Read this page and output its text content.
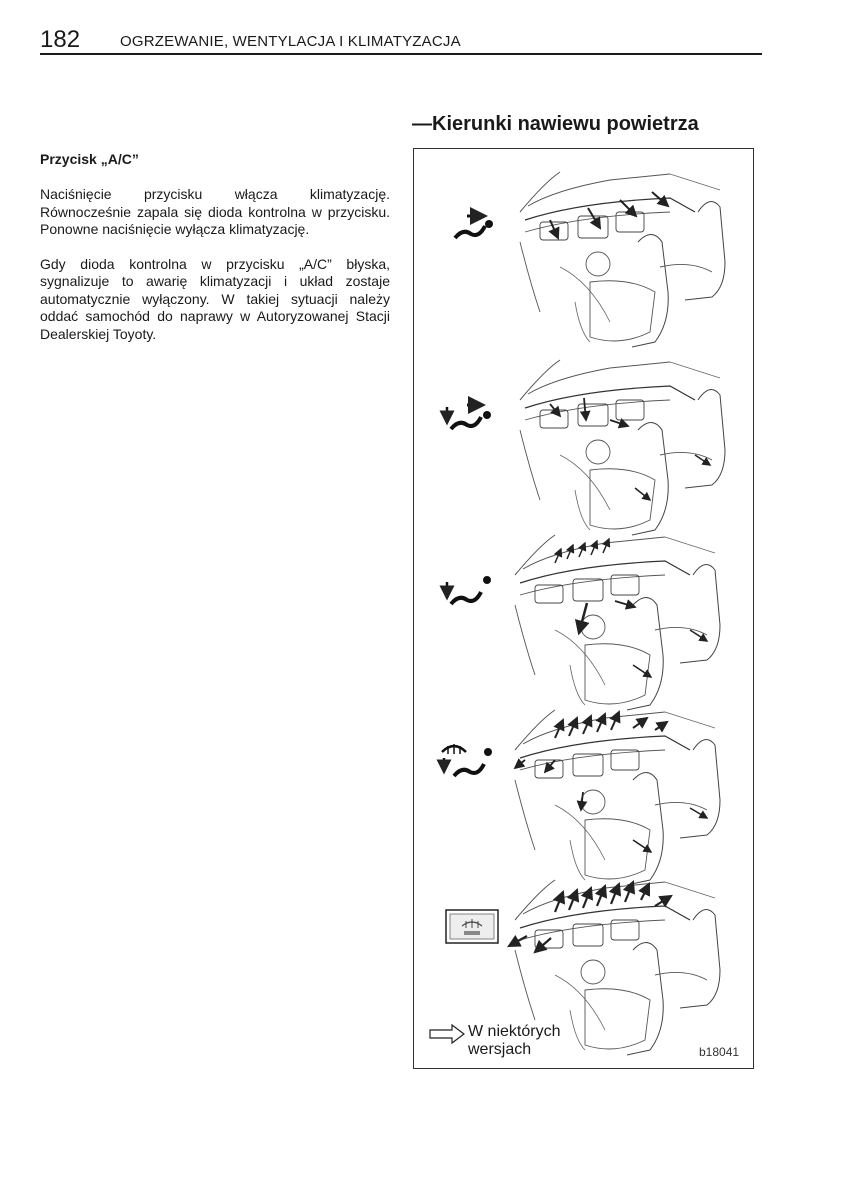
182	OGRZEWANIE, WENTYLACJA I KLIMATYZACJA
Przycisk „A/C”

Naciśnięcie przycisku włącza klimatyzację. Równocześnie zapala się dioda kontrolna w przycisku. Ponowne naciśnięcie wyłącza klimatyzację.

Gdy dioda kontrolna w przycisku „A/C” błyska, sygnalizuje to awarię klimatyzacji i układ zostaje automatycznie wyłączony. W takiej sytuacji należy oddać samochód do naprawy w Autoryzowanej Stacji Dealerskiej Toyoty.

—Kierunki nawiewu powietrza
W niektórych
wersjach	b18041
